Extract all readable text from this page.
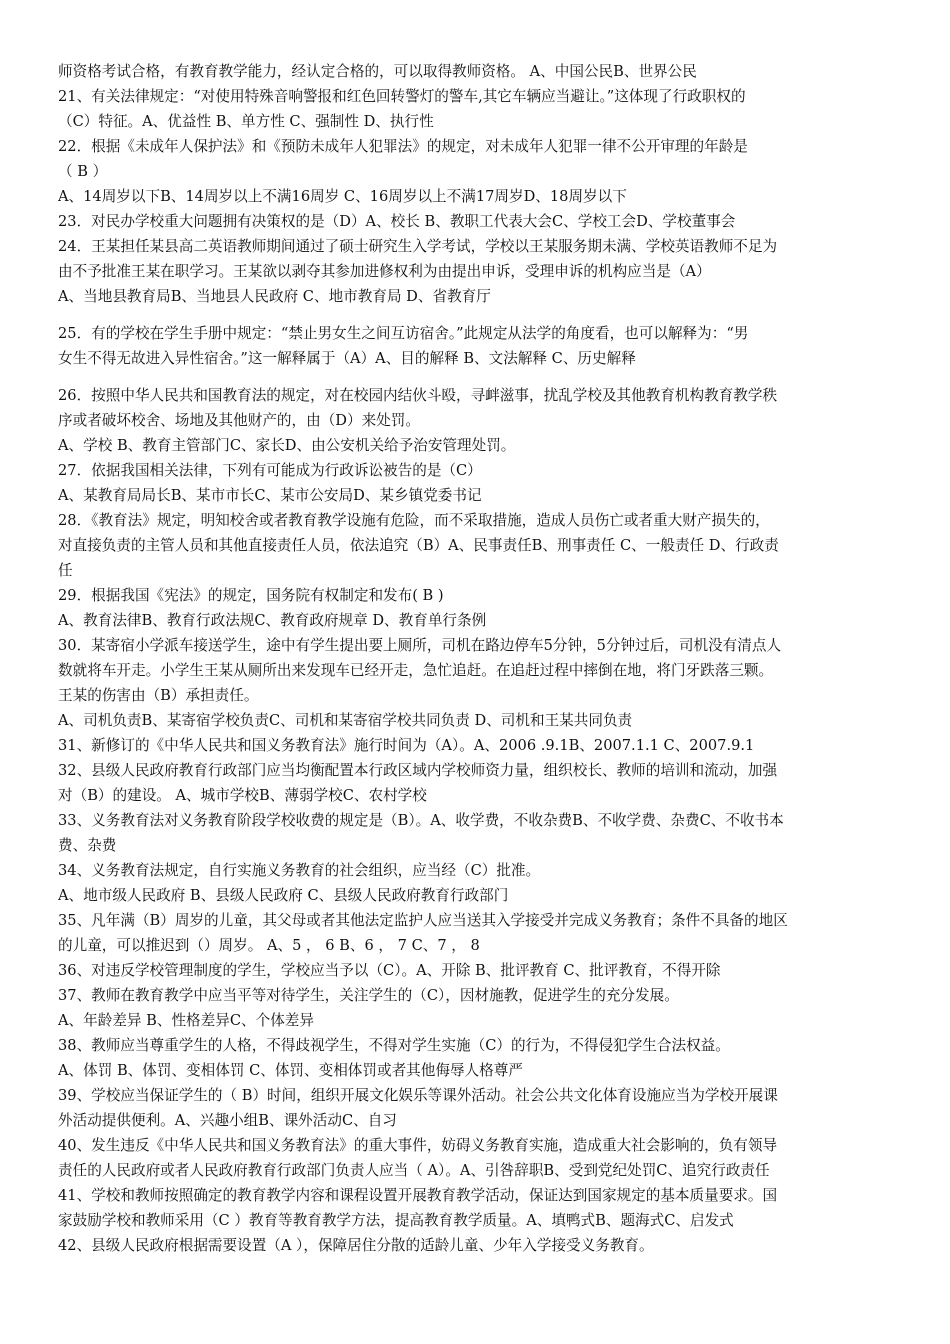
师资格考试合格，有教育教学能力，经认定合格的，可以取得教师资格。 A、中国公民B、世界公民
21、有关法律规定：“对使用特殊音响警报和红色回转警灯的警车,其它车辆应当避让。”这体现了行政职权的
（C）特征。A、优益性 B、单方性 C、强制性 D、执行性
22．根据《未成年人保护法》和《预防未成年人犯罪法》的规定，对未成年人犯罪一律不公开审理的年龄是
（ B ）
A、14周岁以下B、14周岁以上不满16周岁 C、16周岁以上不满17周岁D、18周岁以下
23．对民办学校重大问题拥有决策权的是（D）A、校长 B、教职工代表大会C、学校工会D、学校董事会
24．王某担任某县高二英语教师期间通过了硕士研究生入学考试，学校以王某服务期未满、学校英语教师不足为
由不予批准王某在职学习。王某欲以剥夺其参加进修权利为由提出申诉，受理申诉的机构应当是（A）
A、当地县教育局B、当地县人民政府 C、地市教育局 D、省教育厅
25．有的学校在学生手册中规定：“禁止男女生之间互访宿舍。”此规定从法学的角度看，也可以解释为：“男
女生不得无故进入异性宿舍。”这一解释属于（A）A、目的解释 B、文法解释 C、历史解释
26．按照中华人民共和国教育法的规定，对在校园内结伙斗殴，寻衅滋事，扰乱学校及其他教育机构教育教学秩
序或者破坏校舍、场地及其他财产的，由（D）来处罚。
A、学校 B、教育主管部门C、家长D、由公安机关给予治安管理处罚。
27．依据我国相关法律，下列有可能成为行政诉讼被告的是（C）
A、某教育局局长B、某市市长C、某市公安局D、某乡镇党委书记
28．《教育法》规定，明知校舍或者教育教学设施有危险，而不采取措施，造成人员伤亡或者重大财产损失的，
对直接负责的主管人员和其他直接责任人员，依法追究（B）A、民事责任B、刑事责任 C、一般责任 D、行政责
任
29．根据我国《宪法》的规定，国务院有权制定和发布( B )
A、教育法律B、教育行政法规C、教育政府规章 D、教育单行条例
30．某寄宿小学派车接送学生，途中有学生提出要上厕所，司机在路边停车5分钟，5分钟过后，司机没有清点人
数就将车开走。小学生王某从厕所出来发现车已经开走，急忙追赶。在追赶过程中摔倒在地，将门牙跌落三颗。
王某的伤害由（B）承担责任。
A、司机负责B、某寄宿学校负责C、司机和某寄宿学校共同负责 D、司机和王某共同负责
31、新修订的《中华人民共和国义务教育法》施行时间为（A）。A、2006 .9.1B、2007.1.1 C、2007.9.1
32、县级人民政府教育行政部门应当均衡配置本行政区域内学校师资力量，组织校长、教师的培训和流动，加强
对（B）的建设。 A、城市学校B、薄弱学校C、农村学校
33、义务教育法对义务教育阶段学校收费的规定是（B）。A、收学费，不收杂费B、不收学费、杂费C、不收书本
费、杂费
34、义务教育法规定，自行实施义务教育的社会组织，应当经（C）批准。
A、地市级人民政府 B、县级人民政府 C、县级人民政府教育行政部门
35、凡年满（B）周岁的儿童，其父母或者其他法定监护人应当送其入学接受并完成义务教育；条件不具备的地区
的儿童，可以推迟到（）周岁。 A、5 ， 6 B、6 ， 7 C、7 ， 8
36、对违反学校管理制度的学生，学校应当予以（C）。A、开除 B、批评教育 C、批评教育，不得开除
37、教师在教育教学中应当平等对待学生，关注学生的（C），因材施教，促进学生的充分发展。
A、年龄差异 B、性格差异C、个体差异
38、教师应当尊重学生的人格，不得歧视学生，不得对学生实施（C）的行为，不得侵犯学生合法权益。
A、体罚 B、体罚、变相体罚 C、体罚、变相体罚或者其他侮辱人格尊严
39、学校应当保证学生的（ B）时间，组织开展文化娱乐等课外活动。社会公共文化体育设施应当为学校开展课
外活动提供便利。A、兴趣小组B、课外活动C、自习
40、发生违反《中华人民共和国义务教育法》的重大事件，妨碍义务教育实施，造成重大社会影响的，负有领导
责任的人民政府或者人民政府教育行政部门负责人应当（ A）。A、引咎辞职B、受到党纪处罚C、追究行政责任
41、学校和教师按照确定的教育教学内容和课程设置开展教育教学活动，保证达到国家规定的基本质量要求。国
家鼓励学校和教师采用（C ）教育等教育教学方法，提高教育教学质量。A、填鸭式B、题海式C、启发式
42、县级人民政府根据需要设置（A ），保障居住分散的适龄儿童、少年入学接受义务教育。
